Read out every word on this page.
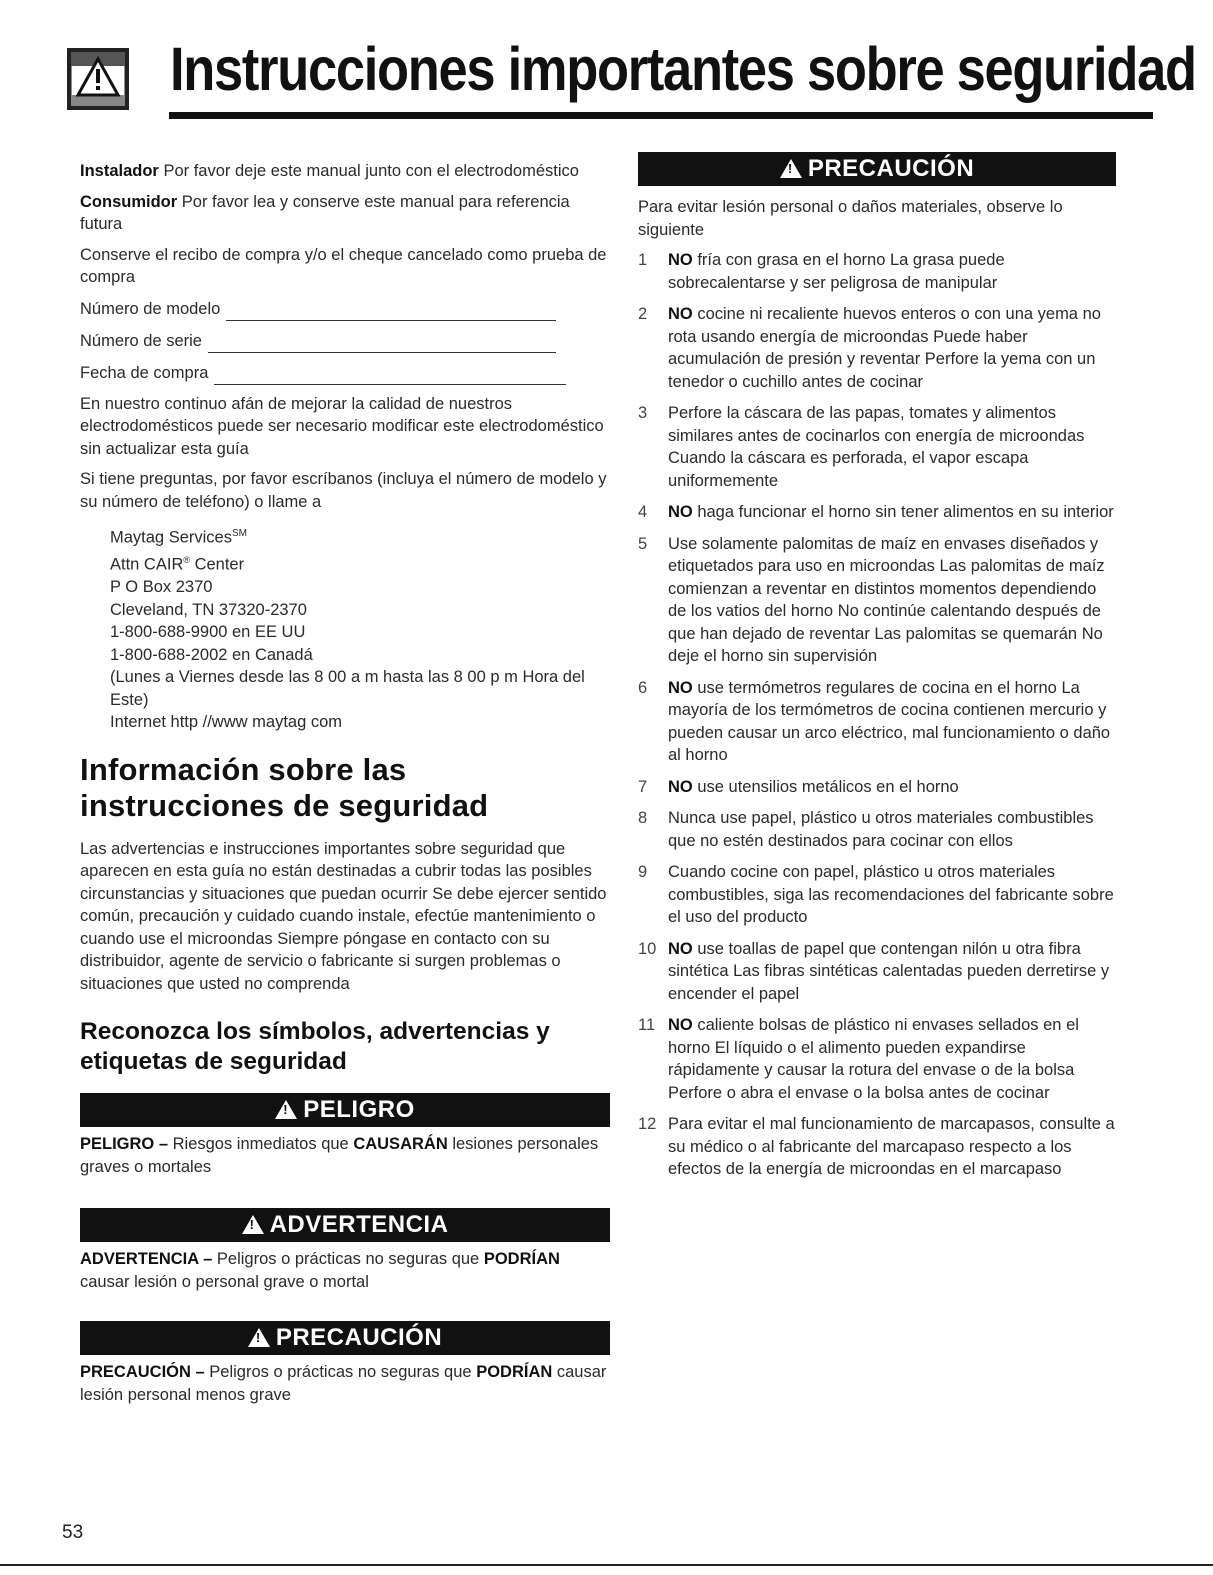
Instrucciones importantes sobre seguridad

Instalador Por favor deje este manual junto con el electrodoméstico

Consumidor Por favor lea y conserve este manual para referencia futura

Conserve el recibo de compra y/o el cheque cancelado como prueba de compra

Número de modelo
Número de serie
Fecha de compra

En nuestro continuo afán de mejorar la calidad de nuestros electrodomésticos puede ser necesario modificar este electrodoméstico sin actualizar esta guía

Si tiene preguntas, por favor escríbanos (incluya el número de modelo y su número de teléfono) o llame a

Maytag Services℠
Attn CAIR® Center
P O Box 2370
Cleveland, TN 37320-2370
1-800-688-9900 en EE UU
1-800-688-2002 en Canadá
(Lunes a Viernes desde las 8 00 a m hasta las 8 00 p m Hora del Este)
Internet http //www maytag com
Información sobre las instrucciones de seguridad

Las advertencias e instrucciones importantes sobre seguridad que aparecen en esta guía no están destinadas a cubrir todas las posibles circunstancias y situaciones que puedan ocurrir Se debe ejercer sentido común, precaución y cuidado cuando instale, efectúe mantenimiento o cuando use el microondas Siempre póngase en contacto con su distribuidor, agente de servicio o fabricante si surgen problemas o situaciones que usted no comprenda

Reconozca los símbolos, advertencias y etiquetas de seguridad
!
PELIGRO

PELIGRO – Riesgos inmediatos que CAUSARÁN lesiones personales graves o mortales

!
ADVERTENCIA

ADVERTENCIA – Peligros o prácticas no seguras que PODRÍAN causar lesión o personal grave o mortal

!
PRECAUCIÓN

PRECAUCIÓN – Peligros o prácticas no seguras que PODRÍAN causar lesión personal menos grave

!
PRECAUCIÓN

Para evitar lesión personal o daños materiales, observe lo siguiente

1 NO fría con grasa en el horno La grasa puede sobrecalentarse y ser peligrosa de manipular
2 NO cocine ni recaliente huevos enteros o con una yema no rota usando energía de microondas Puede haber acumulación de presión y reventar Perfore la yema con un tenedor o cuchillo antes de cocinar
3 Perfore la cáscara de las papas, tomates y alimentos similares antes de cocinarlos con energía de microondas Cuando la cáscara es perforada, el vapor escapa uniformemente
4 NO haga funcionar el horno sin tener alimentos en su interior
5 Use solamente palomitas de maíz en envases diseñados y etiquetados para uso en microondas Las palomitas de maíz comienzan a reventar en distintos momentos dependiendo de los vatios del horno No continúe calentando después de que han dejado de reventar Las palomitas se quemarán No deje el horno sin supervisión
6 NO use termómetros regulares de cocina en el horno La mayoría de los termómetros de cocina contienen mercurio y pueden causar un arco eléctrico, mal funcionamiento o daño al horno
7 NO use utensilios metálicos en el horno
8 Nunca use papel, plástico u otros materiales combustibles que no estén destinados para cocinar con ellos
9 Cuando cocine con papel, plástico u otros materiales combustibles, siga las recomendaciones del fabricante sobre el uso del producto
10 NO use toallas de papel que contengan nilón u otra fibra sintética Las fibras sintéticas calentadas pueden derretirse y encender el papel
11 NO caliente bolsas de plástico ni envases sellados en el horno El líquido o el alimento pueden expandirse rápidamente y causar la rotura del envase o de la bolsa Perfore o abra el envase o la bolsa antes de cocinar
12 Para evitar el mal funcionamiento de marcapasos, consulte a su médico o al fabricante del marcapaso respecto a los efectos de la energía de microondas en el marcapaso
53
